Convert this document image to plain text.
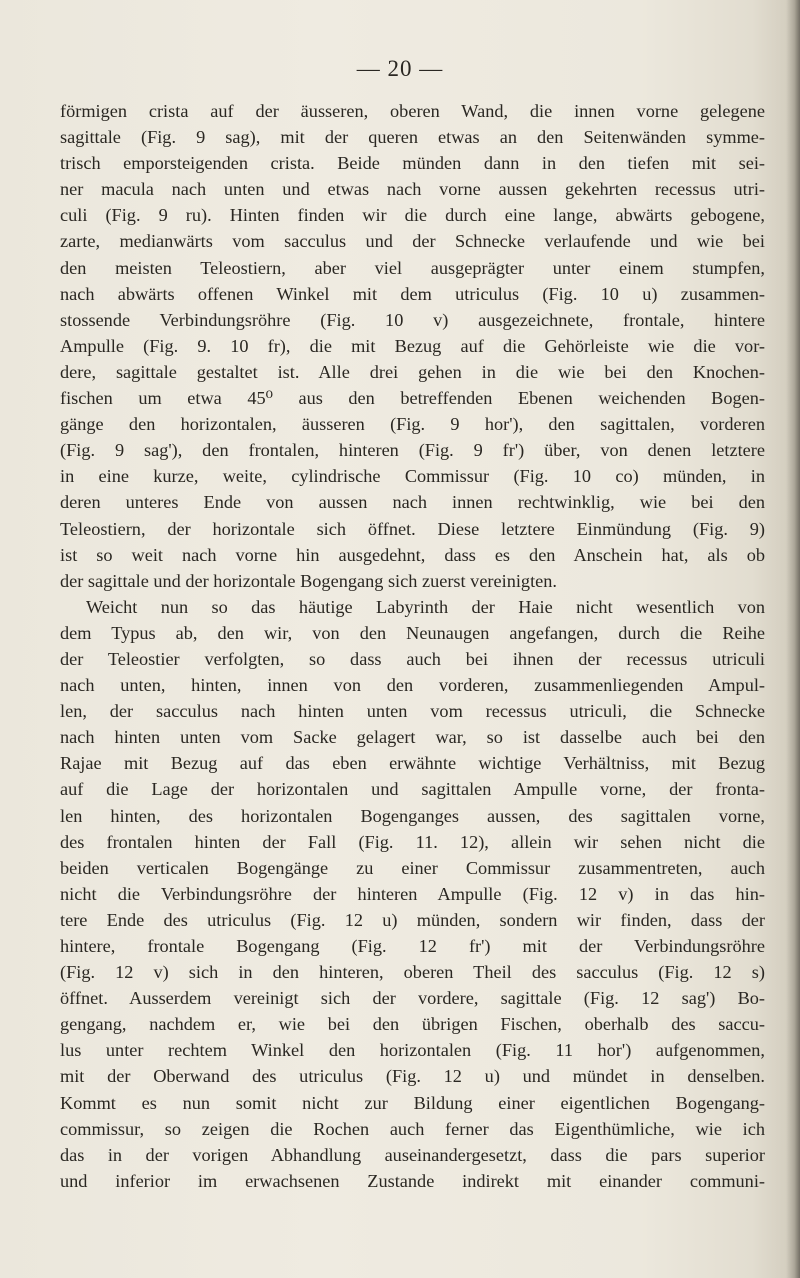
— 20 —
förmigen crista auf der äusseren, oberen Wand, die innen vorne gelegene
sagittale (Fig. 9 sag), mit der queren etwas an den Seitenwänden symme-
trisch emporsteigenden crista. Beide münden dann in den tiefen mit sei-
ner macula nach unten und etwas nach vorne aussen gekehrten recessus utri-
culi (Fig. 9 ru). Hinten finden wir die durch eine lange, abwärts gebogene,
zarte, medianwärts vom sacculus und der Schnecke verlaufende und wie bei
den meisten Teleostiern, aber viel ausgeprägter unter einem stumpfen,
nach abwärts offenen Winkel mit dem utriculus (Fig. 10 u) zusammen-
stossende Verbindungsröhre (Fig. 10 v) ausgezeichnete, frontale, hintere
Ampulle (Fig. 9. 10 fr), die mit Bezug auf die Gehörleiste wie die vor-
dere, sagittale gestaltet ist. Alle drei gehen in die wie bei den Knochen-
fischen um etwa 45⁰ aus den betreffenden Ebenen weichenden Bogen-
gänge den horizontalen, äusseren (Fig. 9 hor'), den sagittalen, vorderen
(Fig. 9 sag'), den frontalen, hinteren (Fig. 9 fr') über, von denen letztere
in eine kurze, weite, cylindrische Commissur (Fig. 10 co) münden, in
deren unteres Ende von aussen nach innen rechtwinklig, wie bei den
Teleostiern, der horizontale sich öffnet. Diese letztere Einmündung (Fig. 9)
ist so weit nach vorne hin ausgedehnt, dass es den Anschein hat, als ob
der sagittale und der horizontale Bogengang sich zuerst vereinigten.
Weicht nun so das häutige Labyrinth der Haie nicht wesentlich von
dem Typus ab, den wir, von den Neunaugen angefangen, durch die Reihe
der Teleostier verfolgten, so dass auch bei ihnen der recessus utriculi
nach unten, hinten, innen von den vorderen, zusammenliegenden Ampul-
len, der sacculus nach hinten unten vom recessus utriculi, die Schnecke
nach hinten unten vom Sacke gelagert war, so ist dasselbe auch bei den
Rajae mit Bezug auf das eben erwähnte wichtige Verhältniss, mit Bezug
auf die Lage der horizontalen und sagittalen Ampulle vorne, der fronta-
len hinten, des horizontalen Bogenganges aussen, des sagittalen vorne,
des frontalen hinten der Fall (Fig. 11. 12), allein wir sehen nicht die
beiden verticalen Bogengänge zu einer Commissur zusammentreten, auch
nicht die Verbindungsröhre der hinteren Ampulle (Fig. 12 v) in das hin-
tere Ende des utriculus (Fig. 12 u) münden, sondern wir finden, dass der
hintere, frontale Bogengang (Fig. 12 fr') mit der Verbindungsröhre
(Fig. 12 v) sich in den hinteren, oberen Theil des sacculus (Fig. 12 s)
öffnet. Ausserdem vereinigt sich der vordere, sagittale (Fig. 12 sag') Bo-
gengang, nachdem er, wie bei den übrigen Fischen, oberhalb des saccu-
lus unter rechtem Winkel den horizontalen (Fig. 11 hor') aufgenommen,
mit der Oberwand des utriculus (Fig. 12 u) und mündet in denselben.
Kommt es nun somit nicht zur Bildung einer eigentlichen Bogengang-
commissur, so zeigen die Rochen auch ferner das Eigenthümliche, wie ich
das in der vorigen Abhandlung auseinandergesetzt, dass die pars superior
und inferior im erwachsenen Zustande indirekt mit einander communi-
